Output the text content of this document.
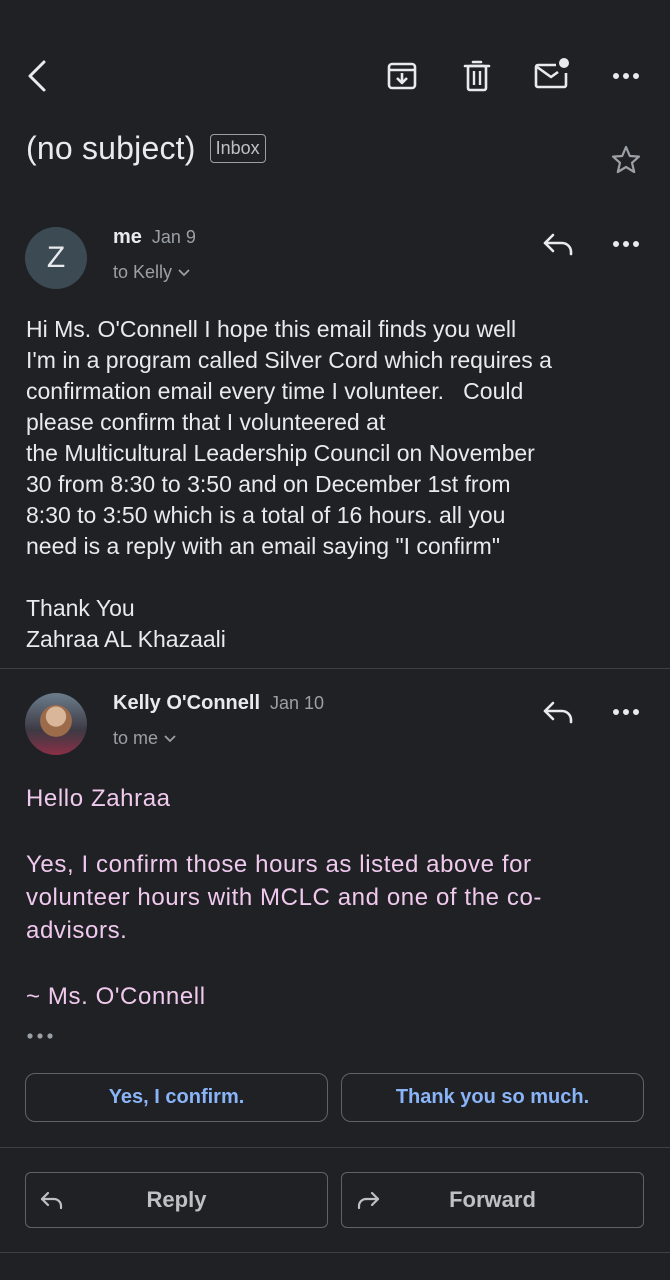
(no subject)	Inbox
Z
me Jan 9
to Kelly

Hi Ms. O'Connell I hope this email finds you well

I'm in a program called Silver Cord which requires a

confirmation email every time I volunteer.   Could

please confirm that I volunteered at

the Multicultural Leadership Council on November

30 from 8:30 to 3:50 and on December 1st from

8:30 to 3:50 which is a total of 16 hours. all you

need is a reply with an email saying "I confirm"

Thank You

Zahraa AL Khazaali

Kelly O'Connell Jan 10
to me

Hello Zahraa

Yes, I confirm those hours as listed above for

volunteer hours with MCLC and one of the co-

advisors.

~ Ms. O'Connell

Yes, I confirm.	Thank you so much.
Reply	Forward
